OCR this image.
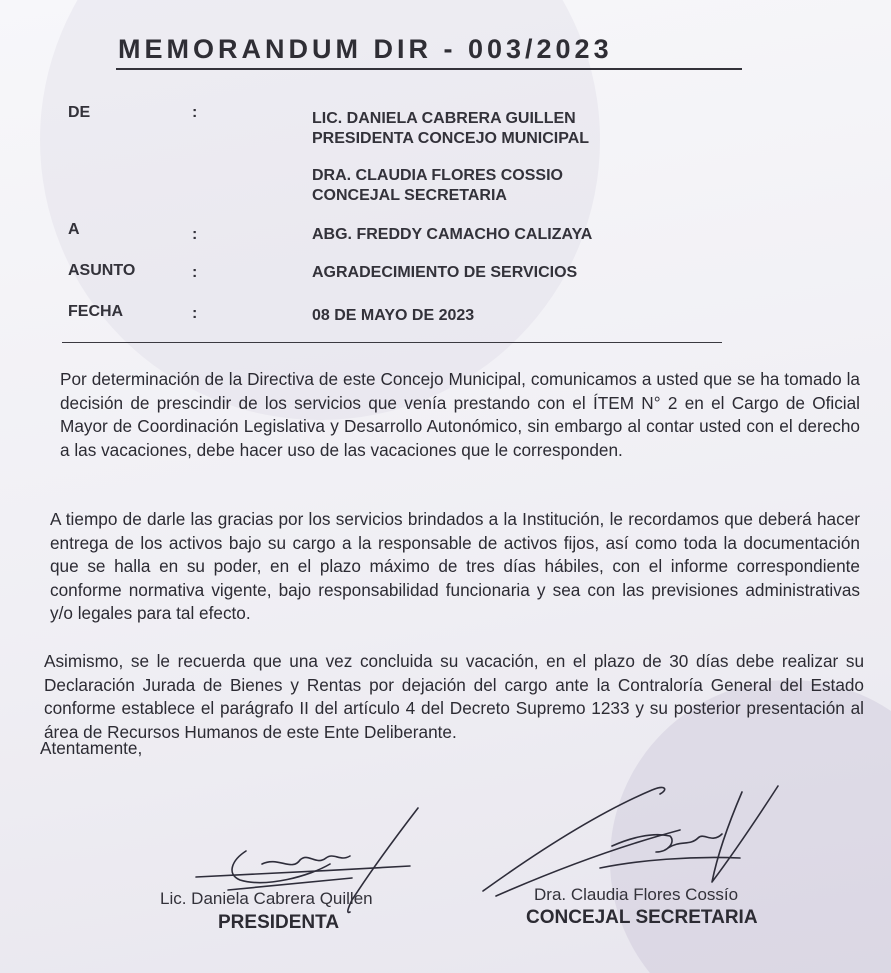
MEMORANDUM DIR - 003/2023
DE	:	LIC. DANIELA CABRERA GUILLEN
PRESIDENTA CONCEJO MUNICIPAL
DRA. CLAUDIA FLORES COSSIO
CONCEJAL SECRETARIA
A	:	ABG. FREDDY CAMACHO CALIZAYA
ASUNTO	:	AGRADECIMIENTO DE SERVICIOS
FECHA	:	08 DE MAYO DE 2023
Por determinación de la Directiva de este Concejo Municipal, comunicamos a usted que se ha tomado la decisión de prescindir de los servicios que venía prestando con el ÍTEM N° 2 en el Cargo de Oficial Mayor de Coordinación Legislativa y Desarrollo Autonómico, sin embargo al contar usted con el derecho a las vacaciones, debe hacer uso de las vacaciones que le corresponden.
A tiempo de darle las gracias por los servicios brindados a la Institución, le recordamos que deberá hacer entrega de los activos bajo su cargo a la responsable de activos fijos, así como toda la documentación que se halla en su poder, en el plazo máximo de tres días hábiles, con el informe correspondiente conforme normativa vigente, bajo responsabilidad funcionaria y sea con las previsiones administrativas y/o legales para tal efecto.
Asimismo, se le recuerda que una vez concluida su vacación, en el plazo de 30 días debe realizar su Declaración Jurada de Bienes y Rentas por dejación del cargo ante la Contraloría General del Estado conforme establece el parágrafo II del artículo 4 del Decreto Supremo 1233 y su posterior presentación al área de Recursos Humanos de este Ente Deliberante.
Atentamente,
Lic. Daniela Cabrera Quillen
PRESIDENTA
Dra. Claudia Flores Cossío
CONCEJAL SECRETARIA
